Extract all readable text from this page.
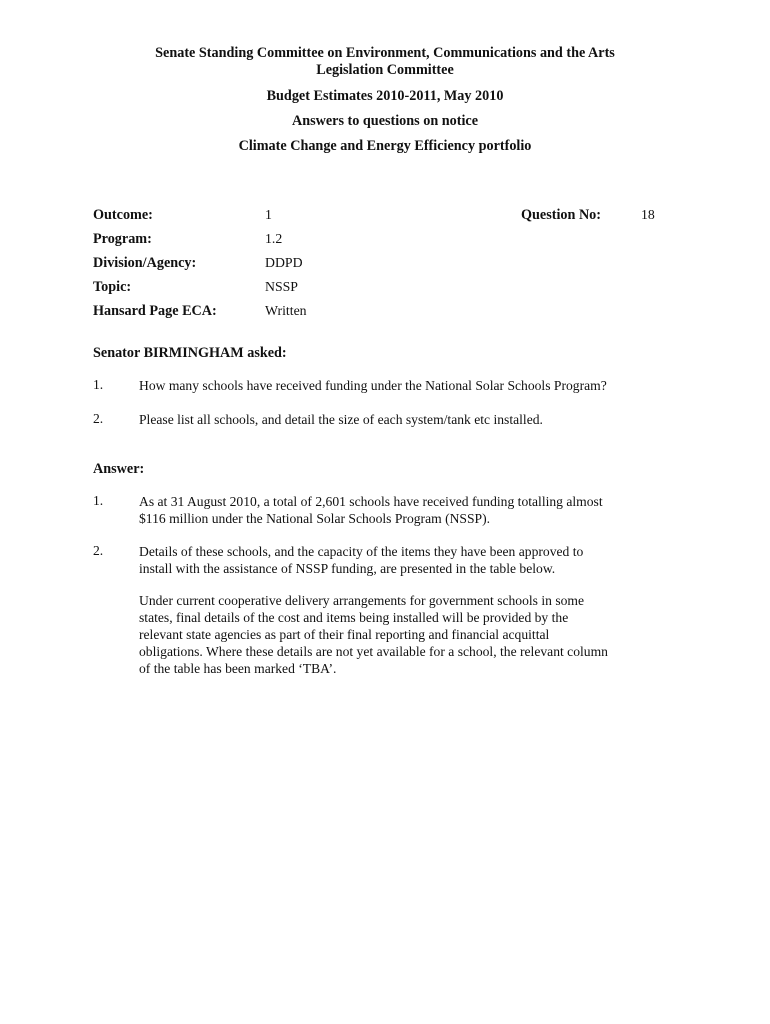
Senate Standing Committee on Environment, Communications and the Arts
Legislation Committee
Budget Estimates 2010-2011, May 2010
Answers to questions on notice
Climate Change and Energy Efficiency portfolio
Outcome:	1	Question No:	18
Program:	1.2
Division/Agency:	DDPD
Topic:	NSSP
Hansard Page ECA:	Written
Senator BIRMINGHAM asked:
1.	How many schools have received funding under the National Solar Schools Program?
2.	Please list all schools, and detail the size of each system/tank etc installed.
Answer:
1.	As at 31 August 2010, a total of 2,601 schools have received funding totalling almost
$116 million under the National Solar Schools Program (NSSP).
2.	Details of these schools, and the capacity of the items they have been approved to
install with the assistance of NSSP funding, are presented in the table below.
Under current cooperative delivery arrangements for government schools in some
states, final details of the cost and items being installed will be provided by the
relevant state agencies as part of their final reporting and financial acquittal
obligations. Where these details are not yet available for a school, the relevant column
of the table has been marked ‘TBA’.
